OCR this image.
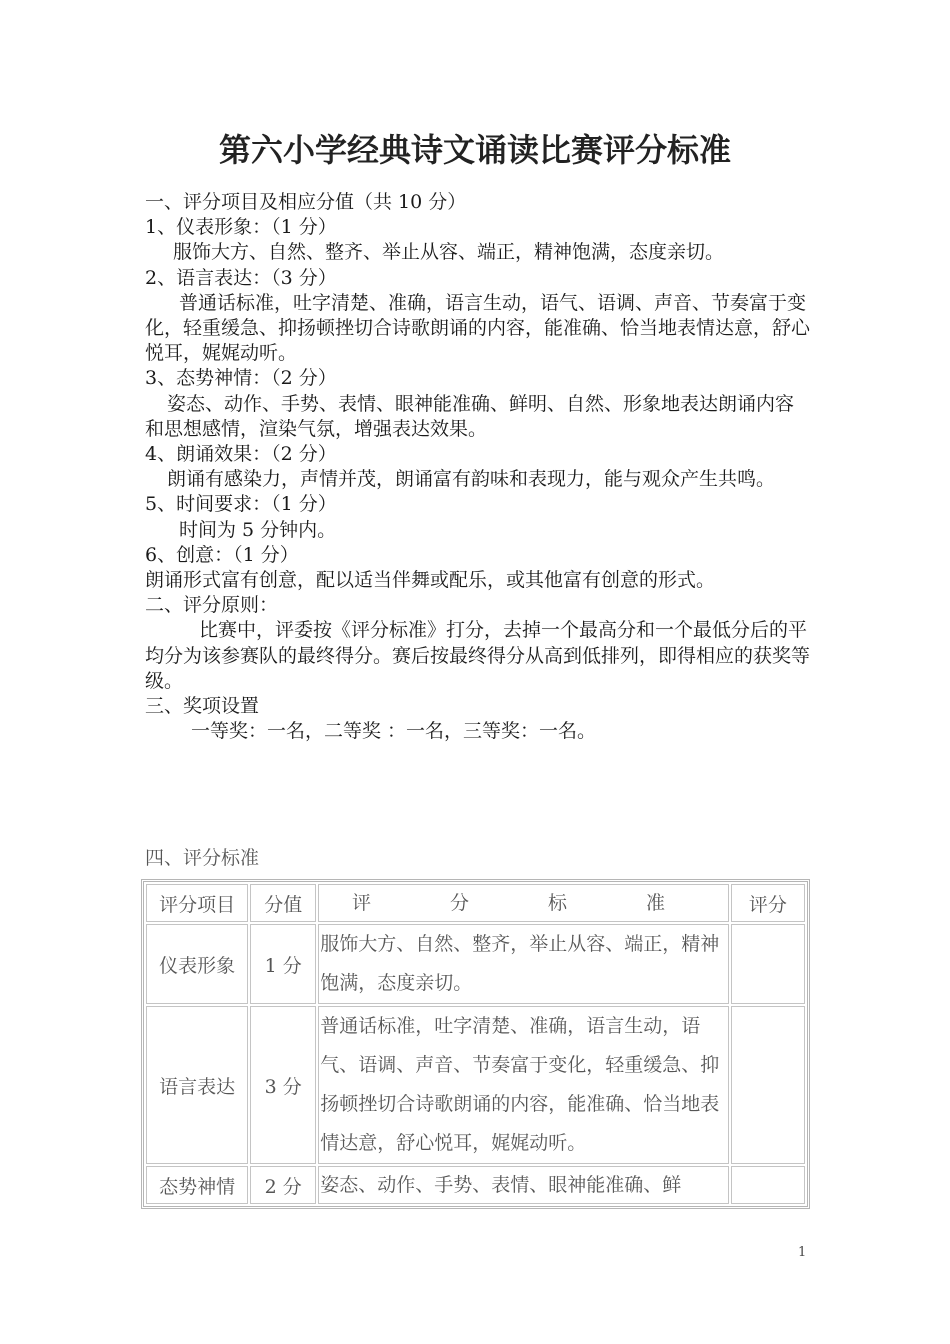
第六小学经典诗文诵读比赛评分标准

一、评分项目及相应分值（共 10 分）

1、仪表形象：（1 分）

服饰大方、自然、整齐、举止从容、端正，精神饱满，态度亲切。

2、语言表达：（3 分）

普通话标准，吐字清楚、准确，语言生动，语气、语调、声音、节奏富于变化，轻重缓急、抑扬顿挫切合诗歌朗诵的内容，能准确、恰当地表情达意，舒心悦耳，娓娓动听。

3、态势神情：（2 分）

姿态、动作、手势、表情、眼神能准确、鲜明、自然、形象地表达朗诵内容和思想感情，渲染气氛，增强表达效果。

4、朗诵效果：（2 分）

朗诵有感染力，声情并茂，朗诵富有韵味和表现力，能与观众产生共鸣。

5、时间要求：（1 分）

时间为 5 分钟内。

6、创意：（1 分）

朗诵形式富有创意，配以适当伴舞或配乐，或其他富有创意的形式。

二、评分原则：

比赛中，评委按《评分标准》打分，去掉一个最高分和一个最低分后的平均分为该参赛队的最终得分。赛后按最终得分从高到低排列，即得相应的获奖等级。

三、奖项设置

一等奖：一名，二等奖 ：一名，三等奖：一名。

四、评分标准

评分项目	分值	评　分　标　准	评分
仪表形象	1 分	服饰大方、自然、整齐，举止从容、端正，精神饱满，态度亲切。	
语言表达	3 分	普通话标准，吐字清楚、准确，语言生动，语气、语调、声音、节奏富于变化，轻重缓急、抑扬顿挫切合诗歌朗诵的内容，能准确、恰当地表情达意，舒心悦耳，娓娓动听。	
态势神情	2 分	姿态、动作、手势、表情、眼神能准确、鲜	
1
